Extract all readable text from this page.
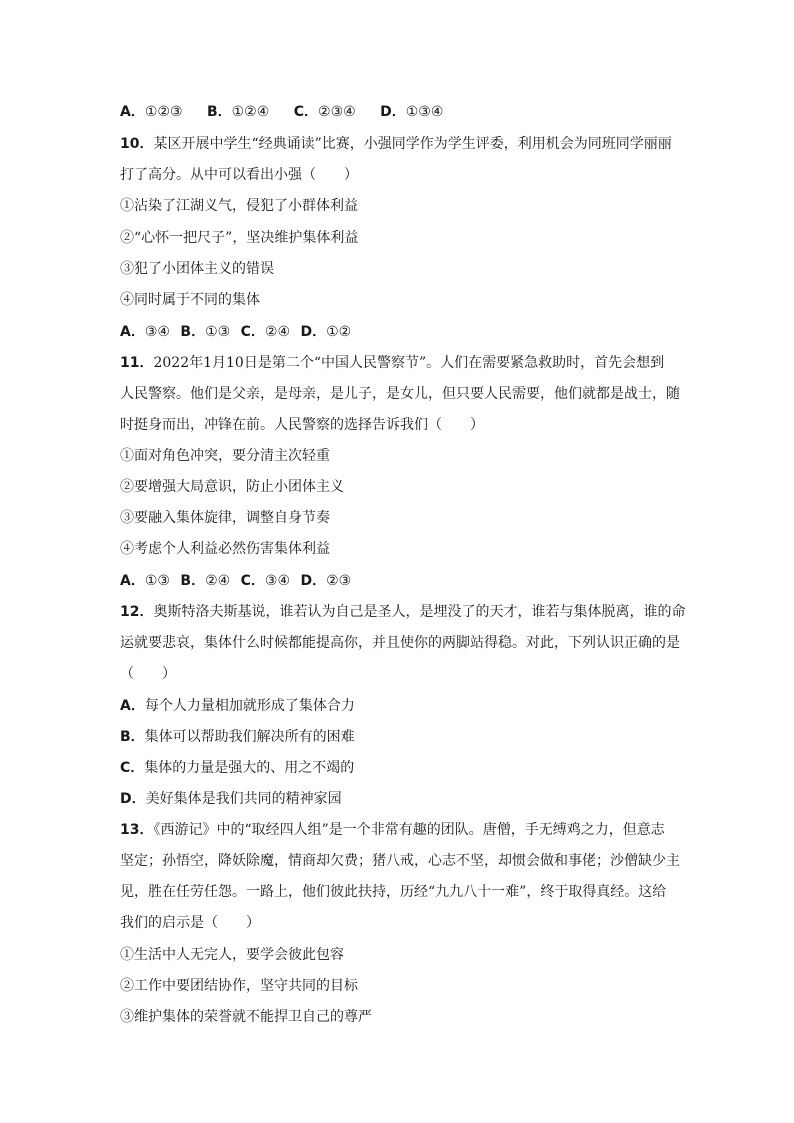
A．①②③ B．①②④ C．②③④ D．①③④
10．某区开展中学生“经典诵读”比赛，小强同学作为学生评委，利用机会为同班同学丽丽
打了高分。从中可以看出小强（　　）
①沾染了江湖义气，侵犯了小群体利益
②“心怀一把尺子”，坚决维护集体利益
③犯了小团体主义的错误
④同时属于不同的集体
A．③④ B．①③ C．②④ D．①②
11．2022年1月10日是第二个“中国人民警察节”。人们在需要紧急救助时，首先会想到
人民警察。他们是父亲，是母亲，是儿子，是女儿，但只要人民需要，他们就都是战士，随
时挺身而出，冲锋在前。人民警察的选择告诉我们（　　）
①面对角色冲突，要分清主次轻重
②要增强大局意识，防止小团体主义
③要融入集体旋律，调整自身节奏
④考虑个人利益必然伤害集体利益
A．①③ B．②④ C．③④ D．②③
12．奥斯特洛夫斯基说，谁若认为自己是圣人，是埋没了的天才，谁若与集体脱离，谁的命
运就要悲哀，集体什么时候都能提高你，并且使你的两脚站得稳。对此，下列认识正确的是
（　　）
A．每个人力量相加就形成了集体合力
B．集体可以帮助我们解决所有的困难
C．集体的力量是强大的、用之不竭的
D．美好集体是我们共同的精神家园
13．《西游记》中的“取经四人组”是一个非常有趣的团队。唐僧，手无缚鸡之力，但意志
坚定；孙悟空，降妖除魔，情商却欠费；猪八戒，心志不坚，却惯会做和事佬；沙僧缺少主
见，胜在任劳任怨。一路上，他们彼此扶持，历经“九九八十一难”，终于取得真经。这给
我们的启示是（　　）
①生活中人无完人，要学会彼此包容
②工作中要团结协作，坚守共同的目标
③维护集体的荣誉就不能捍卫自己的尊严
